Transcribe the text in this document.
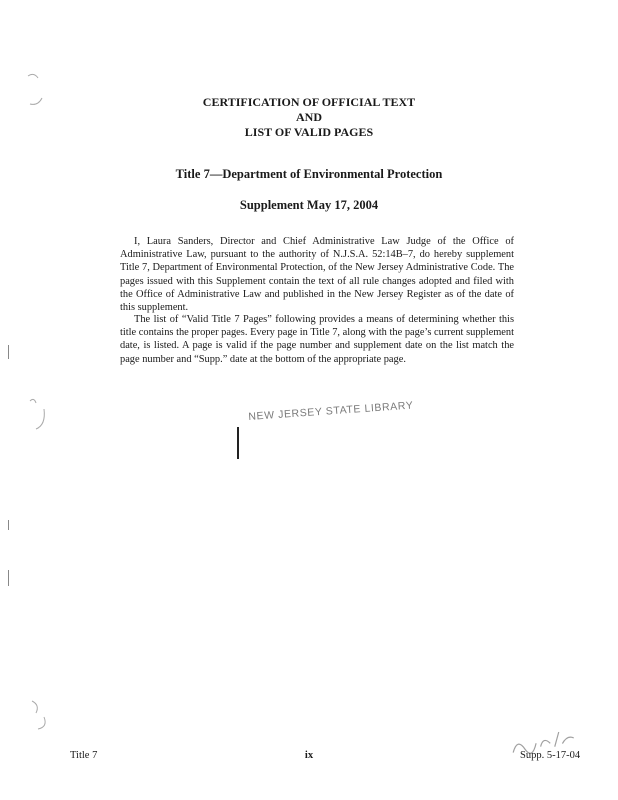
CERTIFICATION OF OFFICIAL TEXT
AND
LIST OF VALID PAGES
Title 7—Department of Environmental Protection
Supplement May 17, 2004

I, Laura Sanders, Director and Chief Administrative Law Judge of the Office of Administrative Law, pursuant to the authority of N.J.S.A. 52:14B–7, do hereby supplement Title 7, Department of Environmental Protection, of the New Jersey Administrative Code. The pages issued with this Supplement contain the text of all rule changes adopted and filed with the Office of Administrative Law and published in the New Jersey Register as of the date of this supplement.

The list of “Valid Title 7 Pages” following provides a means of determining whether this title contains the proper pages. Every page in Title 7, along with the page’s current supplement date, is listed. A page is valid if the page number and supplement date on the list match the page number and “Supp.” date at the bottom of the appropriate page.

NEW JERSEY STATE LIBRARY
Title 7	ix	Supp. 5-17-04
